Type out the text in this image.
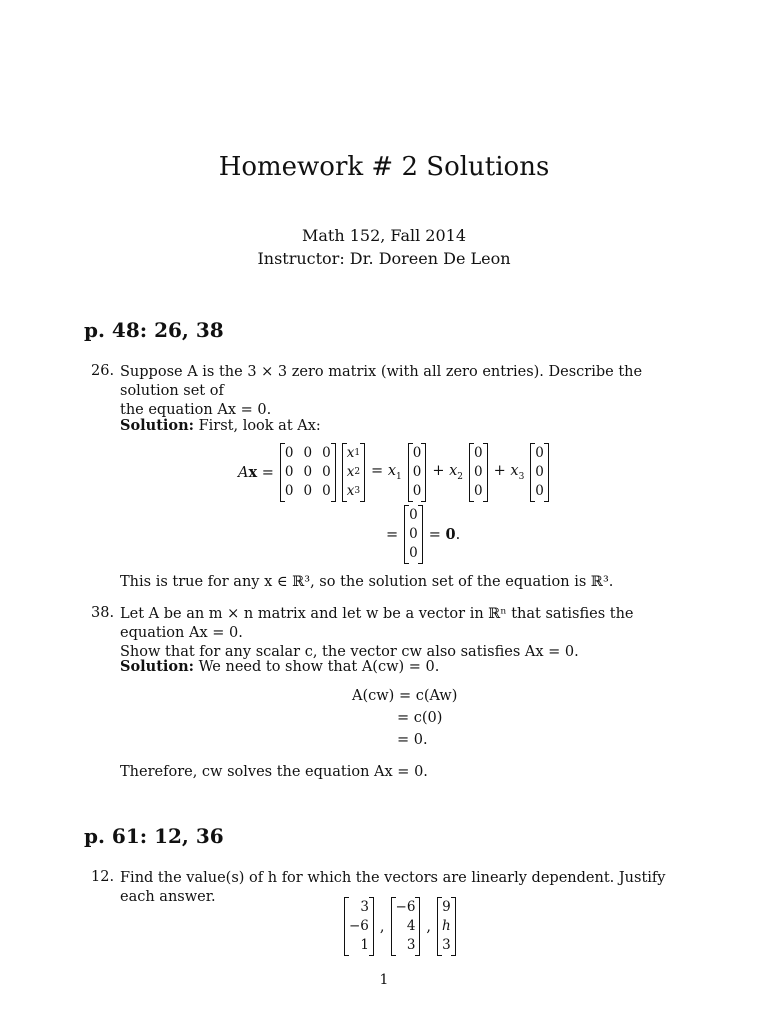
Homework # 2 Solutions
Math 152, Fall 2014
Instructor: Dr. Doreen De Leon
p. 48: 26, 38
26. Suppose A is the 3 × 3 zero matrix (with all zero entries). Describe the solution set of
the equation Ax = 0.
Solution: First, look at Ax:
Ax =
0 0 0
0 0 0
0 0 0
x 1
x 2
x 3
= $x_1$
0
0
0
+ $x_2$
0
0
0
+ $x_3$
0
0
0
=
0
0
0
= 0.
This is true for any x ∈ ℝ³, so the solution set of the equation is ℝ³.
38. Let A be an m × n matrix and let w be a vector in ℝⁿ that satisfies the equation Ax = 0.
Show that for any scalar c, the vector cw also satisfies Ax = 0.
Solution: We need to show that A(cw) = 0.
A(cw) = c(Aw)
= c(0)
= 0.
Therefore, cw solves the equation Ax = 0.
p. 61: 12, 36
12. Find the value(s) of h for which the vectors are linearly dependent. Justify each answer.
3
−6
1
,
−6
4
3
,
9
h
3
1
